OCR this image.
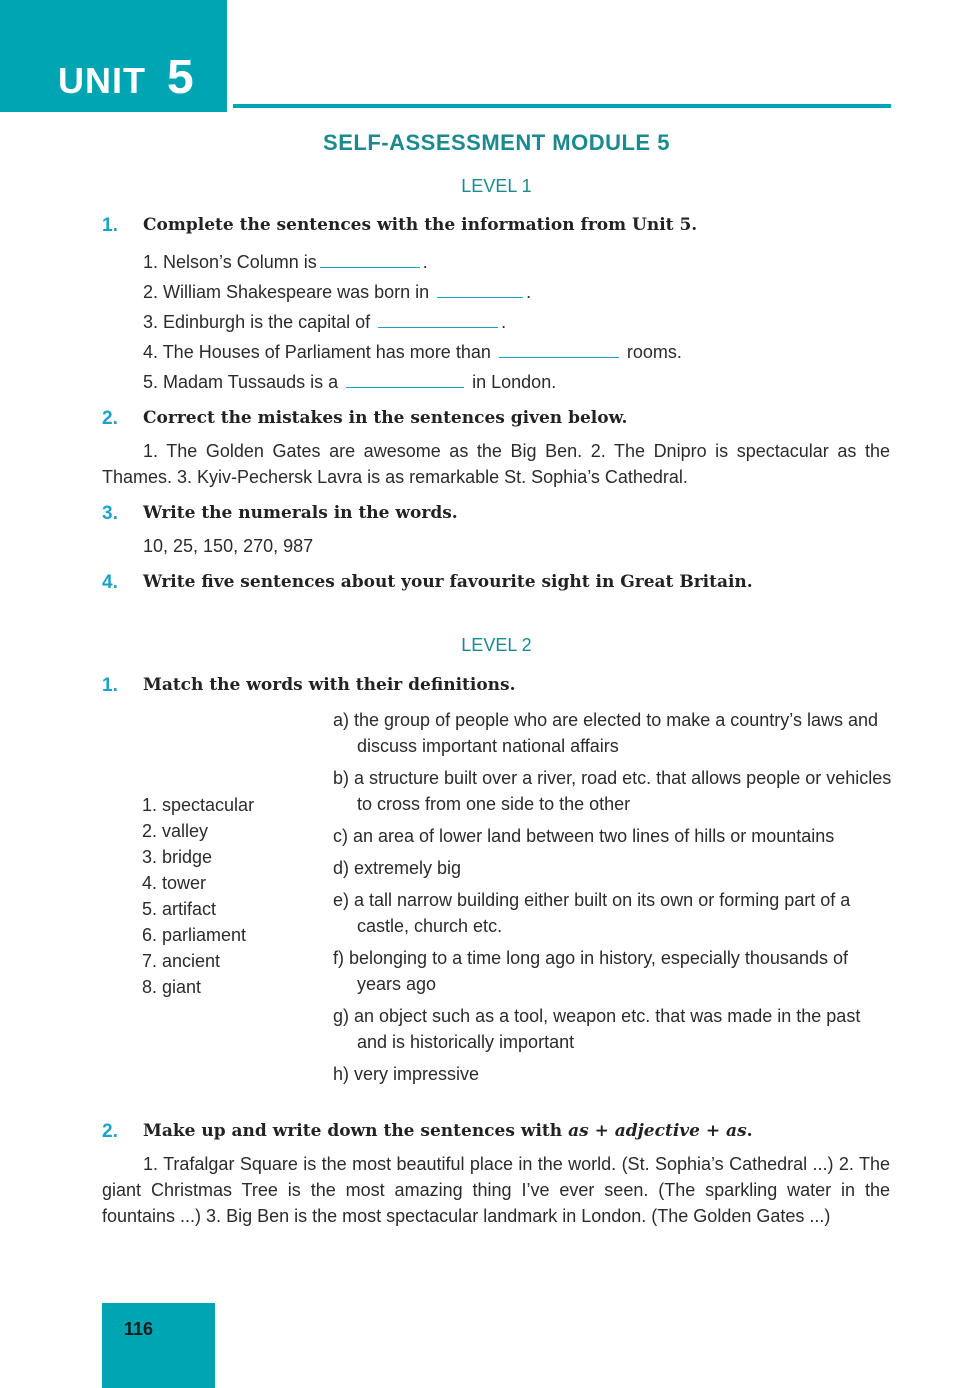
UNIT 5
SELF-ASSESSMENT MODULE 5
LEVEL 1
1. Complete the sentences with the information from Unit 5.
1. Nelson’s Column is	.
2. William Shakespeare was born in	.
3. Edinburgh is the capital of	.
4. The Houses of Parliament has more than	rooms.
5. Madam Tussauds is a	in London.
2. Correct the mistakes in the sentences given below.
1. The Golden Gates are awesome as the Big Ben. 2. The Dnipro is spectacular as the Thames. 3. Kyiv-Pechersk Lavra is as remarkable St. Sophia’s Cathedral.
3. Write the numerals in the words.
10, 25, 150, 270, 987
4. Write five sentences about your favourite sight in Great Britain.
LEVEL 2
1. Match the words with their definitions.
1. spectacular
2. valley
3. bridge
4. tower
5. artifact
6. parliament
7. ancient
8. giant
a) the group of people who are elected to make a country’s laws and discuss important national affairs
b) a structure built over a river, road etc. that allows people or vehicles to cross from one side to the other
c) an area of lower land between two lines of hills or mountains
d) extremely big
e) a tall narrow building either built on its own or forming part of a castle, church etc.
f) belonging to a time long ago in history, especially thousands of years ago
g) an object such as a tool, weapon etc. that was made in the past and is historically important
h) very impressive
2. Make up and write down the sentences with as + adjective + as.
1. Trafalgar Square is the most beautiful place in the world. (St. Sophia’s Cathedral ...) 2. The giant Christmas Tree is the most amazing thing I’ve ever seen. (The sparkling water in the fountains ...) 3. Big Ben is the most spectacular landmark in London. (The Golden Gates ...)
116
